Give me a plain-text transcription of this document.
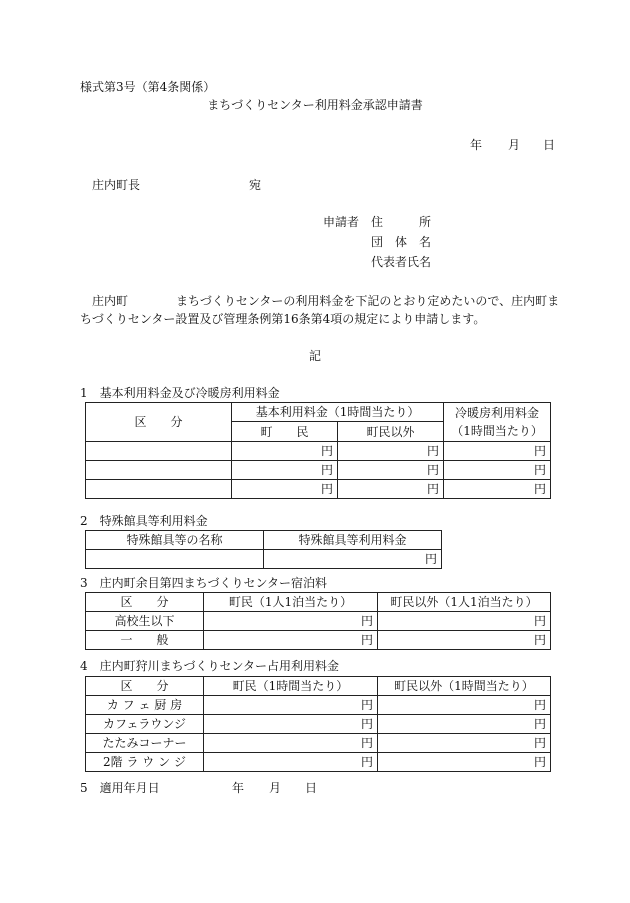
様式第3号（第4条関係）
まちづくりセンター利用料金承認申請書
年 月 日
庄内町長	宛
申請者 住　　　所
団　体　名
代表者氏名
庄内町　　　　まちづくりセンターの利用料金を下記のとおり定めたいので、庄内町ま
ちづくりセンター設置及び管理条例第16条第4項の規定により申請します。
記
1　基本利用料金及び冷暖房利用料金
区　　分	基本利用料金（1時間当たり）		冷暖房利用料金
（1時間当たり）
	町　　民	町民以外	
	円	円	円
	円	円	円
	円	円	円
2　特殊館具等利用料金
特殊館具等の名称	特殊館具等利用料金
	円
3　庄内町余目第四まちづくりセンター宿泊料
区　　分	町民（1人1泊当たり）	町民以外（1人1泊当たり）
高校生以下	円	円
一　　般	円	円
4　庄内町狩川まちづくりセンター占用利用料金
区　　分	町民（1時間当たり）	町民以外（1時間当たり）
カ フ ェ 厨 房	円	円
カフェラウンジ	円	円
たたみコーナー	円	円
2階 ラ ウ ン ジ	円	円
5　適用年月日	年 月 日
